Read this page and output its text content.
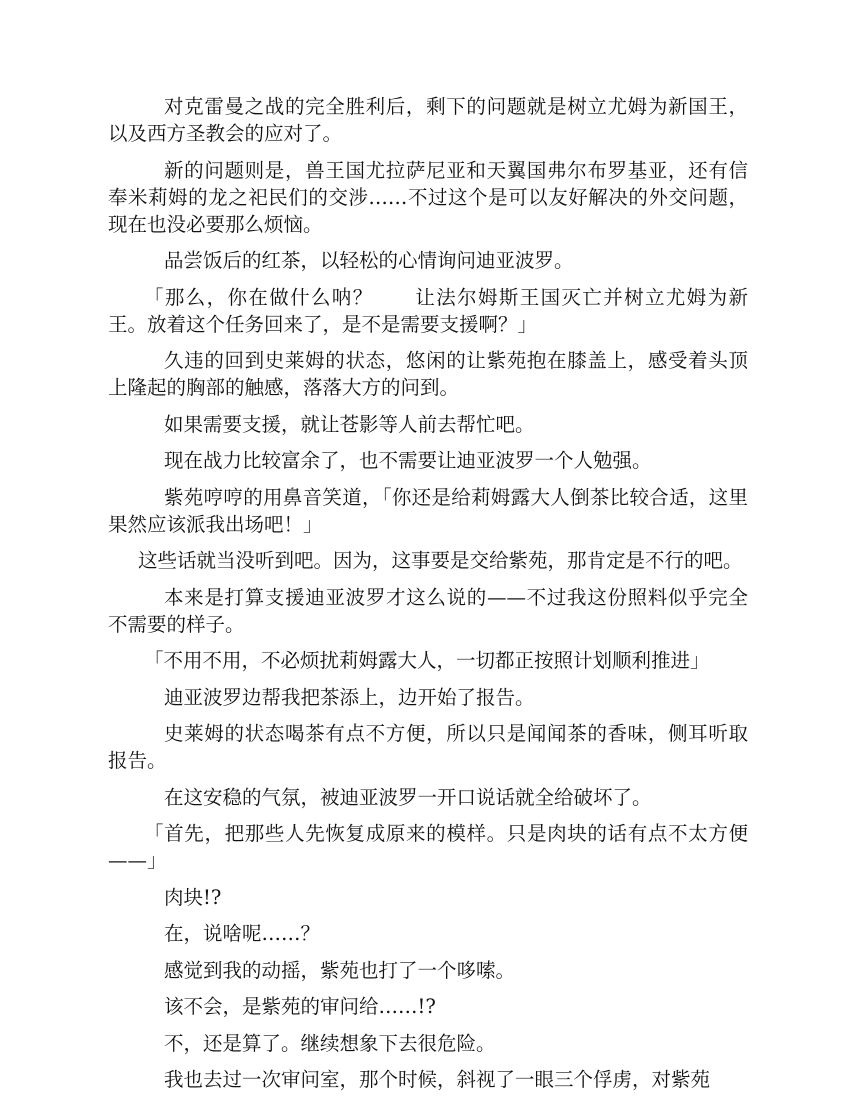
对克雷曼之战的完全胜利后，剩下的问题就是树立尤姆为新国王，以及西方圣教会的应对了。

新的问题则是，兽王国尤拉萨尼亚和天翼国弗尔布罗基亚，还有信奉米莉姆的龙之祀民们的交涉……不过这个是可以友好解决的外交问题，现在也没必要那么烦恼。

品尝饭后的红茶，以轻松的心情询问迪亚波罗。

「那么，你在做什么呐？　　让法尔姆斯王国灭亡并树立尤姆为新王。放着这个任务回来了，是不是需要支援啊？」

久违的回到史莱姆的状态，悠闲的让紫苑抱在膝盖上，感受着头顶上隆起的胸部的触感，落落大方的问到。

如果需要支援，就让苍影等人前去帮忙吧。

现在战力比较富余了，也不需要让迪亚波罗一个人勉强。

紫苑哼哼的用鼻音笑道，「你还是给莉姆露大人倒茶比较合适，这里果然应该派我出场吧！」

这些话就当没听到吧。因为，这事要是交给紫苑，那肯定是不行的吧。

本来是打算支援迪亚波罗才这么说的——不过我这份照料似乎完全不需要的样子。

「不用不用，不必烦扰莉姆露大人，一切都正按照计划顺利推进」

迪亚波罗边帮我把茶添上，边开始了报告。

史莱姆的状态喝茶有点不方便，所以只是闻闻茶的香味，侧耳听取报告。

在这安稳的气氛，被迪亚波罗一开口说话就全给破坏了。

「首先，把那些人先恢复成原来的模样。只是肉块的话有点不太方便——」

肉块!?

在，说啥呢……？

感觉到我的动摇，紫苑也打了一个哆嗦。

该不会，是紫苑的审问给……!?

不，还是算了。继续想象下去很危险。

我也去过一次审问室，那个时候，斜视了一眼三个俘虏，对紫苑
